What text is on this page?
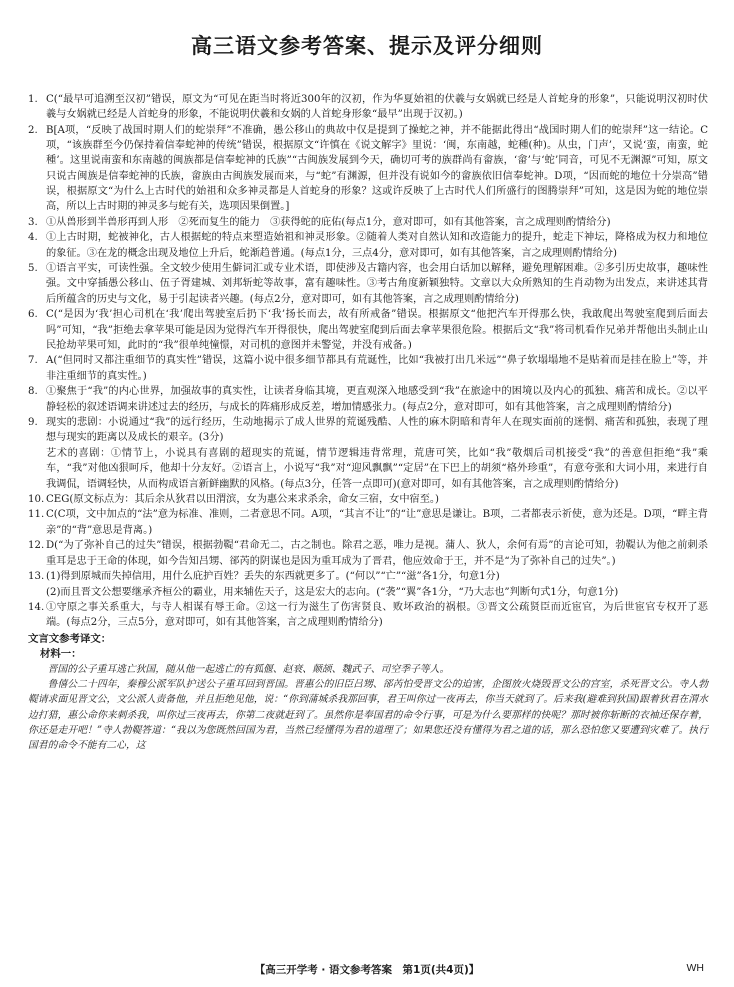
高三语文参考答案、提示及评分细则
1. C(“最早可追溯至汉初”错误，原文为“可见在距当时将近300年的汉初，作为华夏始祖的伏羲与女娲就已经是人首蛇身的形象”，只能说明汉初时伏羲与女娲就已经是人首蛇身的形象，不能说明伏羲和女娲的人首蛇身形象“最早”出现于汉初。)
2. B[A项，“反映了战国时期人们的蛇崇拜”不准确，愚公移山的典故中仅是提到了操蛇之神，并不能据此得出“战国时期人们的蛇崇拜”这一结论。C项，“该族群至今仍保持着信奉蛇神的传统”错误，根据原文“许慎在《说文解字》里说：‘闽，东南越，蛇種(种)。从虫，门声’，又说‘蛮，南蛮，蛇種’。这里说南蛮和东南越的闽族都是信奉蛇神的氏族”“古闽族发展到今天，确切可考的族群尚有畲族，‘畲’与‘蛇’同音，可见不无渊源”可知，原文只说古闽族是信奉蛇神的氏族，畲族由古闽族发展而来，与“蛇”有渊源，但并没有说如今的畲族依旧信奉蛇神。D项，“因而蛇的地位十分崇高”错误，根据原文“为什么上古时代的始祖和众多神灵都是人首蛇身的形象？这或许反映了上古时代人们所盛行的图腾崇拜”可知，这是因为蛇的地位崇高，所以上古时期的神灵多与蛇有关，选项因果倒置。]
3. ①从兽形到半兽形再到人形　②死而复生的能力　③获得蛇的庇佑(每点1分，意对即可，如有其他答案，言之成理则酌情给分)
4. ①上古时期，蛇被神化，古人根据蛇的特点来塑造始祖和神灵形象。②随着人类对自然认知和改造能力的提升，蛇走下神坛，降格成为权力和地位的象征。③在龙的概念出现及地位上升后，蛇渐趋普通。(每点1分，三点4分，意对即可，如有其他答案，言之成理则酌情给分)
5. ①语言平实，可读性强。全文较少使用生僻词汇或专业术语，即使涉及古籍内容，也会用白话加以解释，避免理解困难。②多引历史故事，趣味性强。文中穿插愚公移山、伍子胥建城、刘邦斩蛇等故事，富有趣味性。③考古角度新颖独特。文章以大众所熟知的生肖动物为出发点，来讲述其背后所蕴含的历史与文化，易于引起读者兴趣。(每点2分，意对即可，如有其他答案，言之成理则酌情给分)
6. C(“是因为‘我’担心司机在‘我’爬出驾驶室后扔下‘我’扬长而去，故有所戒备”错误。根据原文“他把汽车开得那么快，我敢爬出驾驶室爬到后面去吗”可知，“我”拒绝去拿苹果可能是因为觉得汽车开得很快，爬出驾驶室爬到后面去拿苹果很危险。根据后文“我”将司机看作兄弟并帮他出头制止山民抢劫苹果可知，此时的“我”很单纯憧憬，对司机的意图并未警觉，并没有戒备。)
7. A(“但同时又都注重细节的真实性”错误，这篇小说中很多细节都具有荒诞性，比如“我被打出几米远”“鼻子软塌塌地不是贴着而是挂在脸上”等，并非注重细节的真实性。)
8. ①聚焦于“我”的内心世界，加强故事的真实性，让读者身临其境，更直观深入地感受到“我”在旅途中的困境以及内心的孤独、痛苦和成长。②以平静轻松的叙述语调来讲述过去的经历，与成长的阵痛形成反差，增加情感张力。(每点2分，意对即可，如有其他答案，言之成理则酌情给分)
9. 现实的悲剧：小说通过“我”的远行经历，生动地揭示了成人世界的荒诞残酷、人性的麻木阴暗和青年人在现实面前的迷惘、痛苦和孤独，表现了理想与现实的距离以及成长的艰辛。(3分)
艺术的喜剧：①情节上，小说具有喜剧的超现实的荒诞，情节逻辑违背常理，荒唐可笑，比如“我”敬烟后司机接受“我”的善意但拒绝“我”乘车，“我”对他凶狠呵斥，他却十分友好。②语言上，小说写“我”对“迎风飘飘”“定居”在下巴上的胡须“格外珍重”，有意夸张和大词小用，来进行自我调侃，语调轻快，从而构成语言新鲜幽默的风格。(每点3分，任答一点即可)(意对即可，如有其他答案，言之成理则酌情给分)
10. CEG(原文标点为：其后余从狄君以田渭滨，女为惠公来求杀余，命女三宿，女中宿至。)
11. C(C项，文中加点的“法”意为标准、准则，二者意思不同。A项，“其言不让”的“让”意思是谦让。B项，二者都表示祈使，意为还是。D项，“畔主背亲”的“背”意思是背离。)
12. D(“为了弥补自己的过失”错误，根据勃鞮“君命无二，古之制也。除君之恶，唯力是视。蒲人、狄人，余何有焉”的言论可知，勃鞮认为他之前刺杀重耳是忠于王命的体现，如今告知吕甥、郤芮的阴谋也是因为重耳成为了晋君，他应效命于王，并不是“为了弥补自己的过失”。)
13. (1)得到原城而失掉信用，用什么庇护百姓？丢失的东西就更多了。(“何以”“亡”“滋”各1分，句意1分)
(2)而且晋文公想要继承齐桓公的霸业，用来辅佐天子，这是宏大的志向。(“袭”“翼”各1分，“乃大志也”判断句式1分，句意1分)
14. ①守原之事关系重大，与寺人相谋有辱王命。②这一行为滋生了伤害贤良、败坏政治的祸根。③晋文公疏贤臣而近宦官，为后世宦官专权开了恶端。(每点2分，三点5分，意对即可，如有其他答案，言之成理则酌情给分)
文言文参考译文：
材料一：
晋国的公子重耳逃亡狄国，随从他一起逃亡的有狐偃、赵衰、颠颉、魏武子、司空季子等人。
鲁僖公二十四年，秦穆公派军队护送公子重耳回到晋国。晋惠公的旧臣吕甥、郤芮怕受晋文公的迫害，企图放火烧毁晋文公的宫室，杀死晋文公。寺人勃鞮请求面见晋文公，文公派人责备他，并且拒绝见他，说：“你到蒲城杀我那回事，君王叫你过一夜再去，你当天就到了。后来我(避难到狄国)跟着狄君在渭水边打猎，惠公命你来刺杀我，叫你过三夜再去，你第二夜就赶到了。虽然你是奉国君的命令行事，可是为什么要那样的快呢？那时被你斩断的衣袖还保存着，你还是走开吧！”寺人勃鞮答道：“我以为您既然回国为君，当然已经懂得为君的道理了；如果您还没有懂得为君之道的话，那么恐怕您又要遭到灾难了。执行国君的命令不能有二心，这
【高三开学考 · 语文参考答案　第1页(共4页)】	WH
